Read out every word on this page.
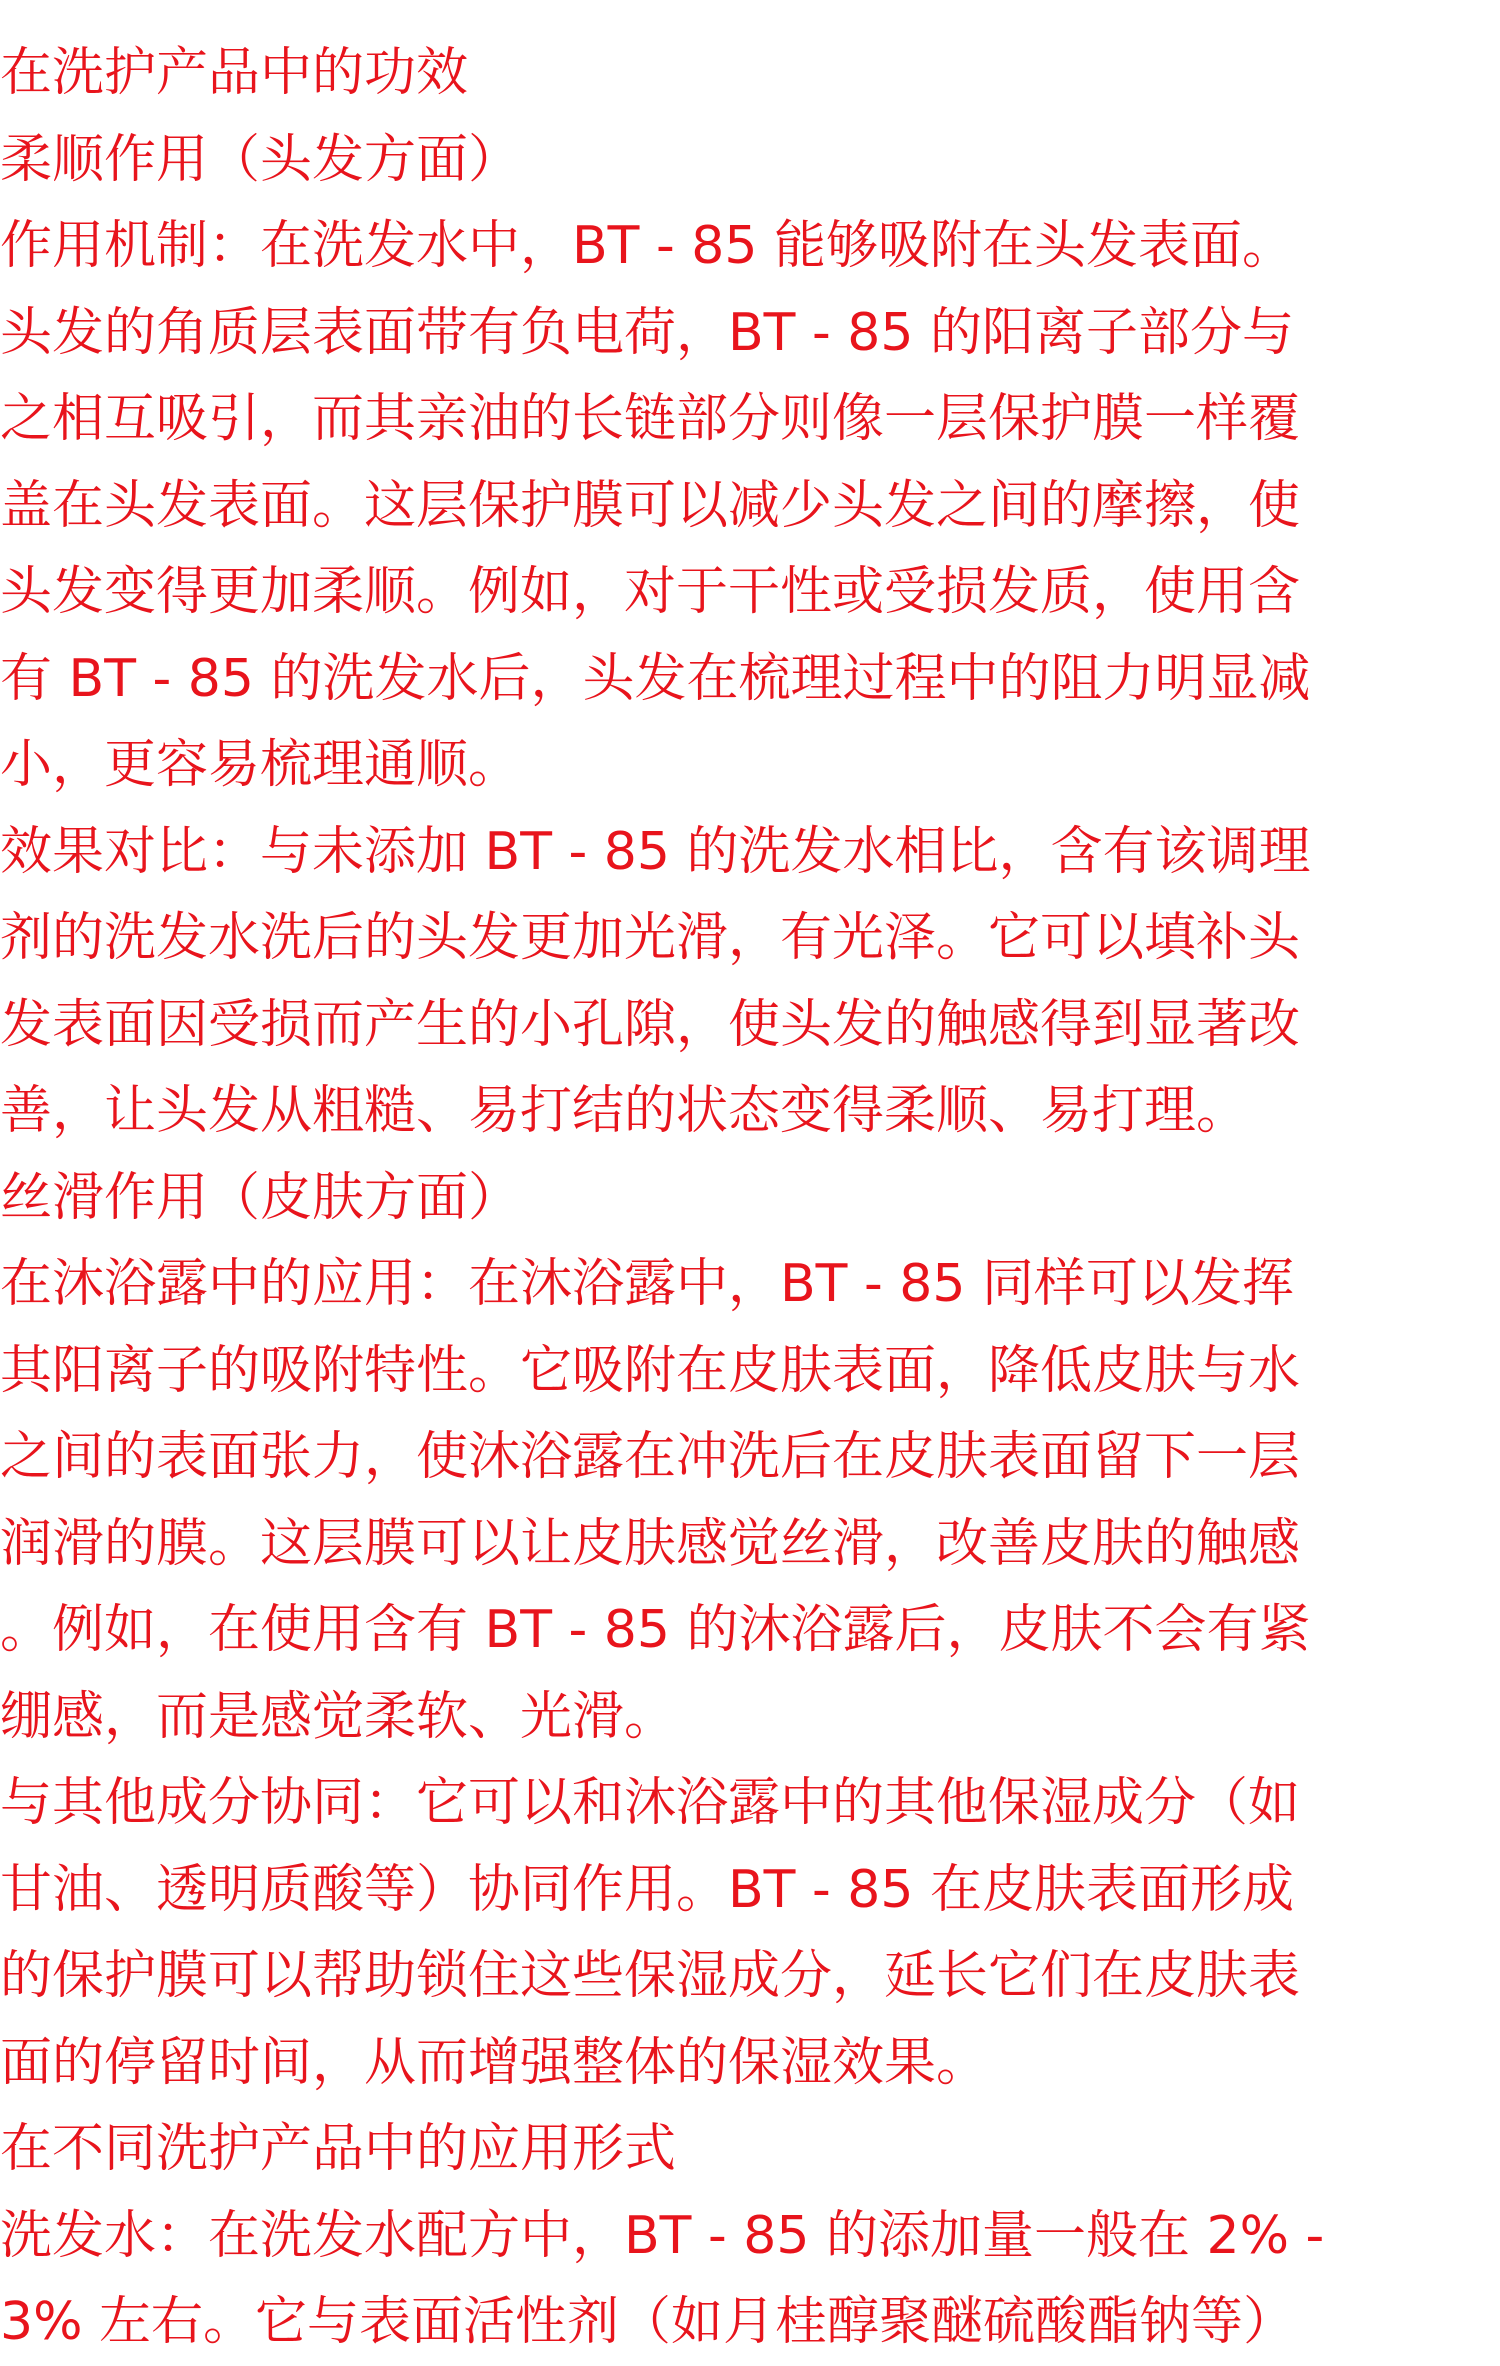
在洗护产品中的功效
柔顺作用（头发方面）
作用机制：在洗发水中，BT - 85 能够吸附在头发表面。
头发的角质层表面带有负电荷，BT - 85 的阳离子部分与
之相互吸引，而其亲油的长链部分则像一层保护膜一样覆
盖在头发表面。这层保护膜可以减少头发之间的摩擦，使
头发变得更加柔顺。例如，对于干性或受损发质，使用含
有 BT - 85 的洗发水后，头发在梳理过程中的阻力明显减
小，更容易梳理通顺。
效果对比：与未添加 BT - 85 的洗发水相比，含有该调理
剂的洗发水洗后的头发更加光滑，有光泽。它可以填补头
发表面因受损而产生的小孔隙，使头发的触感得到显著改
善，让头发从粗糙、易打结的状态变得柔顺、易打理。
丝滑作用（皮肤方面）
在沐浴露中的应用：在沐浴露中，BT - 85 同样可以发挥
其阳离子的吸附特性。它吸附在皮肤表面，降低皮肤与水
之间的表面张力，使沐浴露在冲洗后在皮肤表面留下一层
润滑的膜。这层膜可以让皮肤感觉丝滑，改善皮肤的触感
。例如，在使用含有 BT - 85 的沐浴露后，皮肤不会有紧
绷感，而是感觉柔软、光滑。
与其他成分协同：它可以和沐浴露中的其他保湿成分（如
甘油、透明质酸等）协同作用。BT - 85 在皮肤表面形成
的保护膜可以帮助锁住这些保湿成分，延长它们在皮肤表
面的停留时间，从而增强整体的保湿效果。
在不同洗护产品中的应用形式
洗发水：在洗发水配方中，BT - 85 的添加量一般在 2% -
3% 左右。它与表面活性剂（如月桂醇聚醚硫酸酯钠等）
